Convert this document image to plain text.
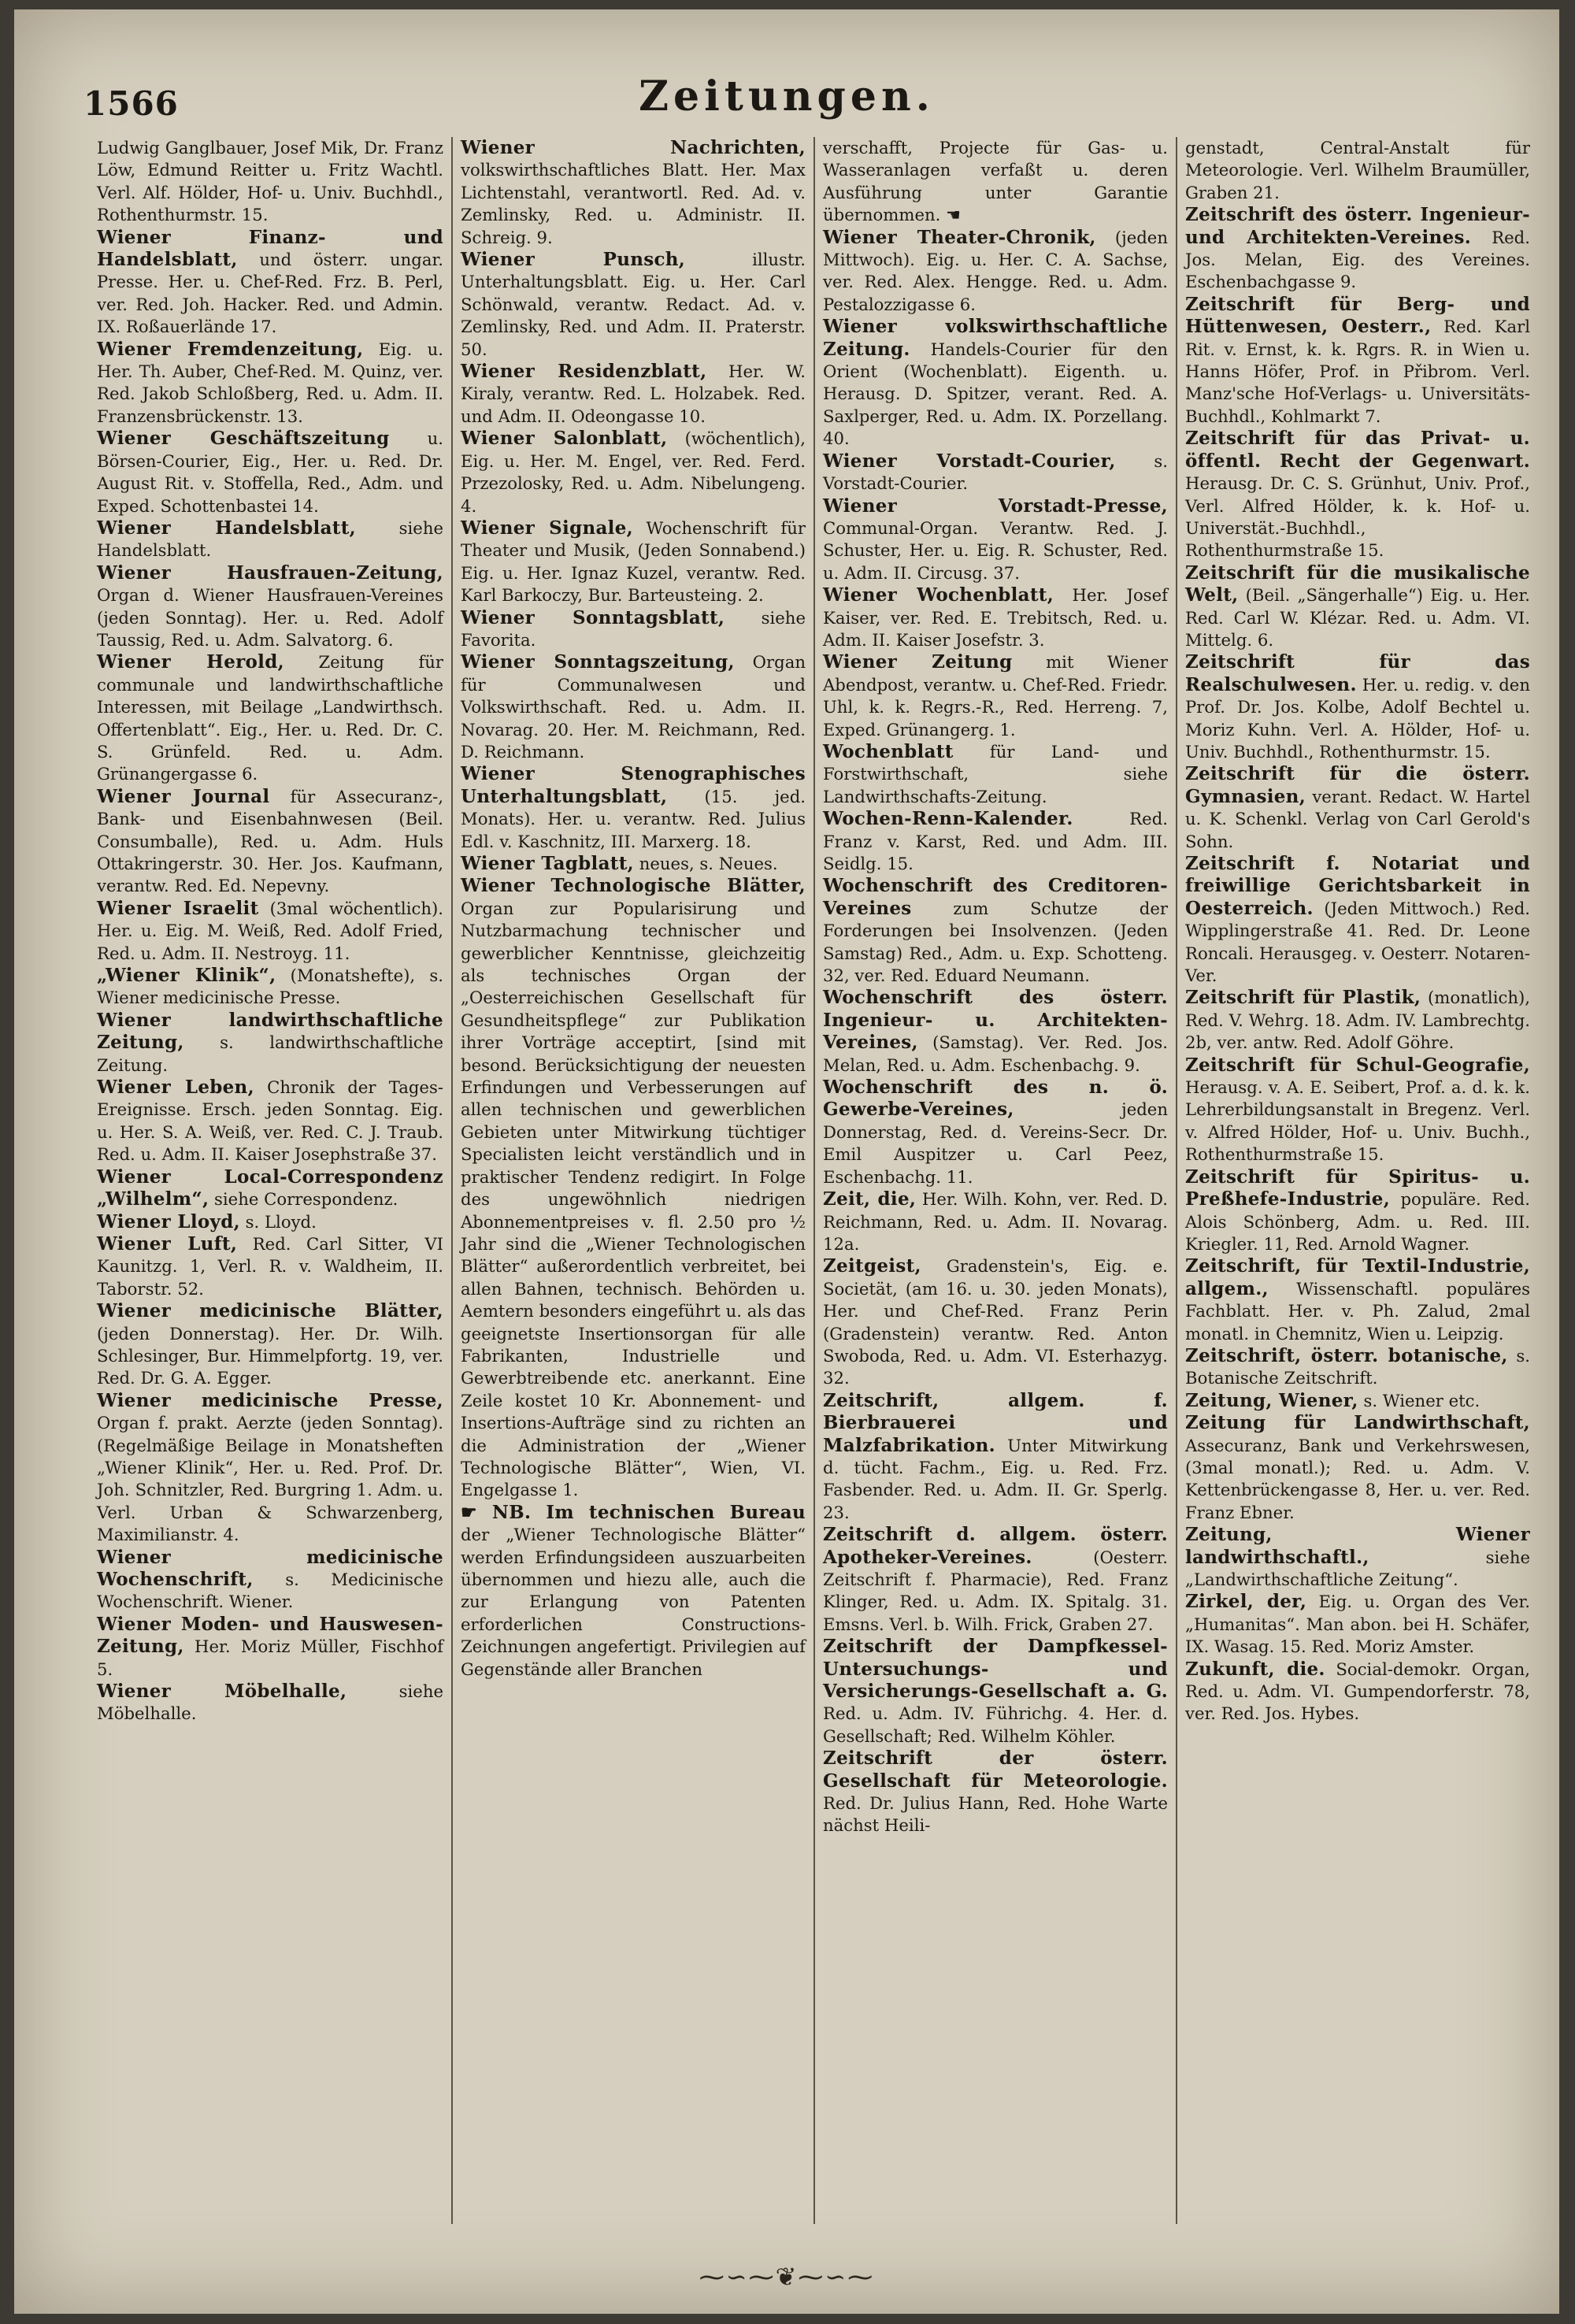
1566	Zeitungen.

Ludwig Ganglbauer, Josef Mik, Dr. Franz Löw, Edmund Reitter u. Fritz Wachtl. Verl. Alf. Hölder, Hof- u. Univ. Buchhdl., Rothenthurmstr. 15.

Wiener Finanz- und Handelsblatt, und österr. ungar. Presse. Her. u. Chef-Red. Frz. B. Perl, ver. Red. Joh. Hacker. Red. und Admin. IX. Roßauerlände 17.

Wiener Fremdenzeitung, Eig. u. Her. Th. Auber, Chef-Red. M. Quinz, ver. Red. Jakob Schloßberg, Red. u. Adm. II. Franzensbrückenstr. 13.

Wiener Geschäftszeitung u. Börsen-Courier, Eig., Her. u. Red. Dr. August Rit. v. Stoffella, Red., Adm. und Exped. Schottenbastei 14.

Wiener Handelsblatt,	siehe Handelsblatt.

Wiener Hausfrauen-Zeitung, Organ d. Wiener Hausfrauen-Vereines (jeden Sonntag). Her. u. Red. Adolf Taussig, Red. u. Adm. Salvatorg. 6.

Wiener Herold, Zeitung für communale und landwirthschaftliche Interessen, mit Beilage „Landwirthsch. Offertenblatt“. Eig., Her. u. Red. Dr. C. S. Grünfeld. Red. u. Adm. Grünangergasse 6.

Wiener Journal für Assecuranz-, Bank- und Eisenbahnwesen (Beil. Consumballe), Red. u. Adm. Huls Ottakringerstr. 30. Her. Jos. Kaufmann, verantw. Red. Ed. Nepevny.

Wiener Israelit (3mal wöchentlich). Her. u. Eig. M. Weiß, Red. Adolf Fried, Red. u. Adm. II. Nestroyg. 11.

„Wiener Klinik“, (Monatshefte), s. Wiener medicinische Presse.

Wiener landwirthschaftliche Zeitung, s. landwirthschaftliche Zeitung.

Wiener Leben, Chronik der Tages-Ereignisse. Ersch. jeden Sonntag. Eig. u. Her. S. A. Weiß, ver. Red. C. J. Traub. Red. u. Adm. II. Kaiser Josephstraße 37.

Wiener Local-Correspondenz „Wilhelm“, siehe Correspondenz.

Wiener Lloyd, s. Lloyd.

Wiener Luft, Red. Carl Sitter, VI Kaunitzg. 1, Verl. R. v. Waldheim, II. Taborstr. 52.

Wiener medicinische Blätter, (jeden Donnerstag). Her. Dr. Wilh. Schlesinger, Bur. Himmelpfortg. 19, ver. Red. Dr. G. A. Egger.

Wiener medicinische Presse, Organ f. prakt. Aerzte (jeden Sonntag). (Regelmäßige Beilage in Monatsheften „Wiener Klinik“, Her. u. Red. Prof. Dr. Joh. Schnitzler, Red. Burgring 1. Adm. u. Verl. Urban & Schwarzenberg, Maximilianstr. 4.

Wiener medicinische Wochenschrift, s. Medicinische Wochenschrift. Wiener.

Wiener Moden- und Hauswesen-Zeitung, Her. Moriz Müller, Fischhof 5.

Wiener Möbelhalle,	siehe Möbelhalle.

Wiener Nachrichten, volkswirthschaftliches Blatt. Her. Max Lichtenstahl, verantwortl. Red. Ad. v. Zemlinsky, Red. u. Administr. II. Schreig. 9.

Wiener Punsch,	illustr. Unterhaltungsblatt. Eig. u. Her. Carl Schönwald, verantw. Redact. Ad. v. Zemlinsky, Red. und Adm. II. Praterstr. 50.

Wiener Residenzblatt, Her. W. Kiraly, verantw. Red. L. Holzabek. Red. und Adm. II. Odeongasse 10.

Wiener Salonblatt, (wöchentlich), Eig. u. Her. M. Engel, ver. Red. Ferd. Przezolosky, Red. u. Adm. Nibelungeng. 4.

Wiener Signale, Wochenschrift für Theater und Musik, (Jeden Sonnabend.) Eig. u. Her. Ignaz Kuzel, verantw. Red. Karl Barkoczy, Bur. Barteusteing. 2.

Wiener Sonntagsblatt, siehe Favorita.

Wiener Sonntagszeitung, Organ für Communalwesen und Volkswirthschaft. Red. u. Adm. II. Novarag. 20. Her. M. Reichmann, Red. D. Reichmann.

Wiener Stenographisches Unterhaltungsblatt, (15. jed. Monats). Her. u. verantw. Red. Julius Edl. v. Kaschnitz, III. Marxerg. 18.

Wiener Tagblatt, neues, s. Neues.

Wiener Technologische Blätter, Organ zur Popularisirung und Nutzbarmachung technischer und gewerblicher Kenntnisse, gleichzeitig als technisches Organ der „Oesterreichischen Gesellschaft für Gesundheitspflege“ zur Publikation ihrer Vorträge acceptirt, [sind mit besond. Berücksichtigung der neuesten Erfindungen und Verbesserungen auf allen technischen und gewerblichen Gebieten unter Mitwirkung tüchtiger Specialisten leicht verständlich und in praktischer Tendenz redigirt. In Folge des ungewöhnlich niedrigen Abonnementpreises v. fl. 2.50 pro ½ Jahr sind die „Wiener Technologischen Blätter“ außerordentlich verbreitet, bei allen Bahnen, technisch. Behörden u. Aemtern besonders eingeführt u. als das geeignetste Insertionsorgan für alle Fabrikanten, Industrielle und Gewerbtreibende etc. anerkannt. Eine Zeile kostet 10 Kr. Abonnement- und Insertions-Aufträge sind zu richten an die Administration der „Wiener Technologische Blätter“, Wien, VI. Engelgasse 1.

☛ NB. Im technischen Bureau der „Wiener Technologische Blätter“ werden Erfindungsideen auszuarbeiten übernommen und hiezu alle, auch die zur Erlangung von Patenten erforderlichen Constructions-Zeichnungen angefertigt. Privilegien auf Gegenstände aller Branchen

verschafft, Projecte für Gas- u. Wasseranlagen verfaßt u. deren Ausführung unter Garantie übernommen. ☚

Wiener Theater-Chronik, (jeden Mittwoch). Eig. u. Her. C. A. Sachse, ver. Red. Alex. Hengge. Red. u. Adm. Pestalozzigasse 6.

Wiener volkswirthschaftliche Zeitung. Handels-Courier für den Orient (Wochenblatt). Eigenth. u. Herausg. D. Spitzer, verant. Red. A. Saxlperger, Red. u. Adm. IX. Porzellang. 40.

Wiener Vorstadt-Courier, s. Vorstadt-Courier.

Wiener Vorstadt-Presse, Communal-Organ. Verantw. Red. J. Schuster, Her. u. Eig. R. Schuster, Red. u. Adm. II. Circusg. 37.

Wiener Wochenblatt, Her. Josef Kaiser, ver. Red. E. Trebitsch, Red. u. Adm. II. Kaiser Josefstr. 3.

Wiener Zeitung mit Wiener Abendpost, verantw. u. Chef-Red. Friedr. Uhl, k. k. Regrs.-R., Red. Herreng. 7, Exped. Grünangerg. 1.

Wochenblatt für Land- und Forstwirthschaft, siehe Landwirthschafts-Zeitung.

Wochen-Renn-Kalender.	Red. Franz v. Karst, Red. und Adm. III. Seidlg. 15.

Wochenschrift des Creditoren-Vereines zum Schutze der Forderungen bei Insolvenzen. (Jeden Samstag) Red., Adm. u. Exp. Schotteng. 32, ver. Red. Eduard Neumann.

Wochenschrift des österr. Ingenieur- u. Architekten-Vereines, (Samstag). Ver. Red. Jos. Melan, Red. u. Adm. Eschenbachg. 9.

Wochenschrift des n. ö. Gewerbe-Vereines,	jeden Donnerstag, Red. d. Vereins-Secr. Dr. Emil Auspitzer u. Carl Peez, Eschenbachg. 11.

Zeit, die, Her. Wilh. Kohn, ver. Red. D. Reichmann, Red. u. Adm. II. Novarag. 12a.

Zeitgeist, Gradenstein's, Eig. e. Societät, (am 16. u. 30. jeden Monats), Her. und Chef-Red. Franz Perin (Gradenstein) verantw. Red. Anton Swoboda, Red. u. Adm. VI. Esterhazyg. 32.

Zeitschrift, allgem. f. Bierbrauerei und Malzfabrikation. Unter Mitwirkung d. tücht. Fachm., Eig. u. Red. Frz. Fasbender. Red. u. Adm. II. Gr. Sperlg. 23.

Zeitschrift d. allgem. österr. Apotheker-Vereines.	(Oesterr. Zeitschrift f. Pharmacie), Red. Franz Klinger, Red. u. Adm. IX. Spitalg. 31. Emsns. Verl. b. Wilh. Frick, Graben 27.

Zeitschrift der Dampfkessel-Untersuchungs- und Versicherungs-Gesellschaft a. G. Red. u. Adm. IV. Führichg. 4. Her. d. Gesellschaft; Red. Wilhelm Köhler.

Zeitschrift der österr. Gesellschaft für Meteorologie. Red. Dr. Julius Hann, Red. Hohe Warte nächst Heili-

genstadt, Central-Anstalt für Meteorologie. Verl. Wilhelm Braumüller, Graben 21.

Zeitschrift des österr. Ingenieur- und Architekten-Vereines. Red. Jos. Melan, Eig. des Vereines. Eschenbachgasse 9.

Zeitschrift für Berg- und Hüttenwesen, Oesterr., Red. Karl Rit. v. Ernst, k. k. Rgrs. R. in Wien u. Hanns Höfer, Prof. in Přibrom. Verl. Manz'sche Hof-Verlags- u. Universitäts-Buchhdl., Kohlmarkt 7.

Zeitschrift für das Privat- u. öffentl. Recht der Gegenwart. Herausg. Dr. C. S. Grünhut, Univ. Prof., Verl. Alfred Hölder, k. k. Hof- u. Universtät.-Buchhdl., Rothenthurmstraße 15.

Zeitschrift für die musikalische Welt, (Beil. „Sängerhalle“) Eig. u. Her. Red. Carl W. Klézar. Red. u. Adm. VI. Mittelg. 6.

Zeitschrift für das Realschulwesen. Her. u. redig. v. den Prof. Dr. Jos. Kolbe, Adolf Bechtel u. Moriz Kuhn. Verl. A. Hölder, Hof- u. Univ. Buchhdl., Rothenthurmstr. 15.

Zeitschrift für die österr. Gymnasien, verant. Redact. W. Hartel u. K. Schenkl. Verlag von Carl Gerold's Sohn.

Zeitschrift f. Notariat und freiwillige Gerichtsbarkeit in Oesterreich. (Jeden Mittwoch.) Red. Wipplingerstraße 41. Red. Dr. Leone Roncali. Herausgeg. v. Oesterr. Notaren-Ver.

Zeitschrift für Plastik, (monatlich), Red. V. Wehrg. 18. Adm. IV. Lambrechtg. 2b, ver. antw. Red. Adolf Göhre.

Zeitschrift für Schul-Geografie, Herausg. v. A. E. Seibert, Prof. a. d. k. k. Lehrerbildungsanstalt in Bregenz. Verl. v. Alfred Hölder, Hof- u. Univ. Buchh., Rothenthurmstraße 15.

Zeitschrift für Spiritus- u. Preßhefe-Industrie, populäre. Red. Alois Schönberg, Adm. u. Red. III. Kriegler. 11, Red. Arnold Wagner.

Zeitschrift, für Textil-Industrie, allgem., Wissenschaftl. populäres Fachblatt. Her. v. Ph. Zalud, 2mal monatl. in Chemnitz, Wien u. Leipzig.

Zeitschrift, österr. botanische, s. Botanische Zeitschrift.

Zeitung, Wiener, s. Wiener etc.

Zeitung für Landwirthschaft, Assecuranz, Bank und Verkehrswesen, (3mal monatl.); Red. u. Adm. V. Kettenbrückengasse 8, Her. u. ver. Red. Franz Ebner.

Zeitung, Wiener landwirthschaftl.,	siehe „Landwirthschaftliche Zeitung“.

Zirkel, der, Eig. u. Organ des Ver. „Humanitas“. Man abon. bei H. Schäfer, IX. Wasag. 15. Red. Moriz Amster.

Zukunft, die. Social-demokr. Organ, Red. u. Adm. VI. Gumpendorferstr. 78, ver. Red. Jos. Hybes.

⁓∽⁓❦⁓∽⁓
